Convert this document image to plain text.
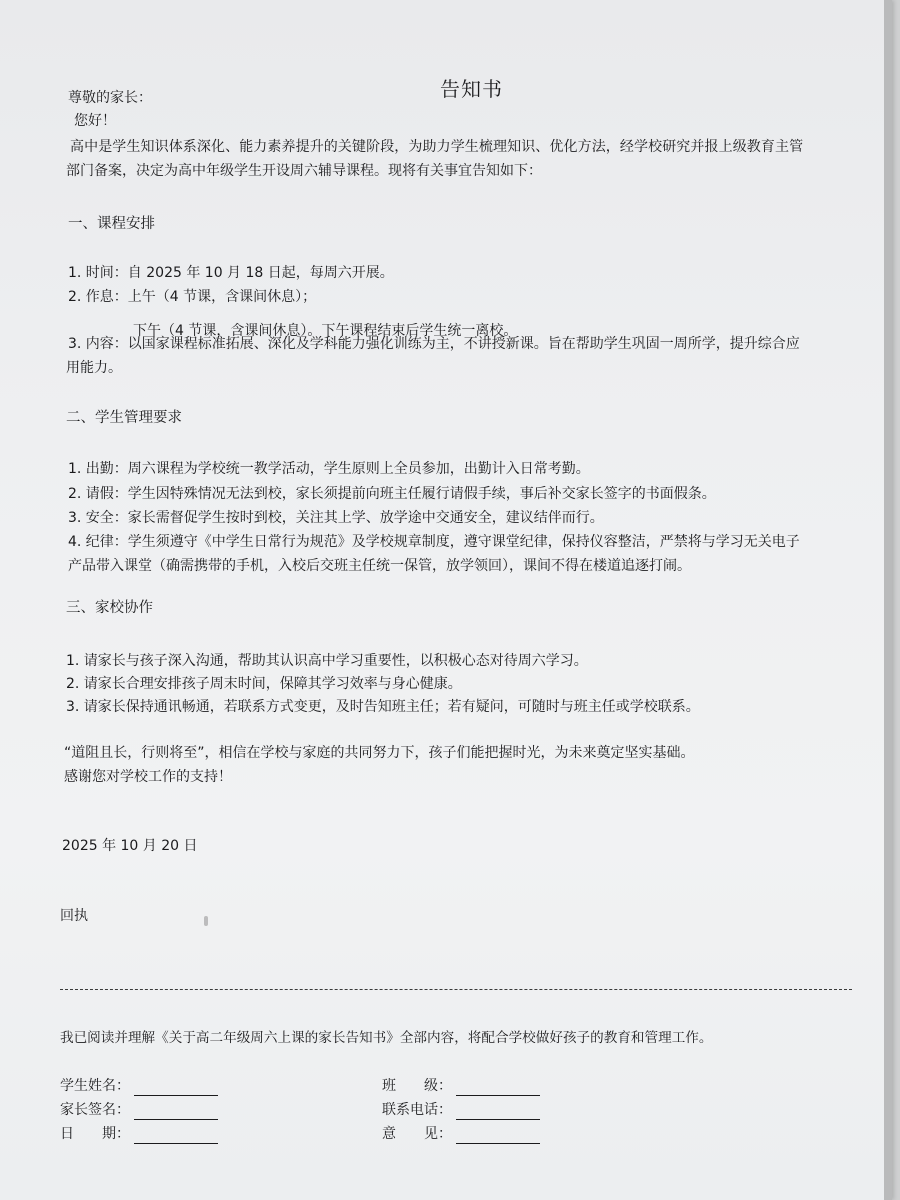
告知书
尊敬的家长：
您好！
高中是学生知识体系深化、能力素养提升的关键阶段，为助力学生梳理知识、优化方法，经学校研究并报上级教育主管
部门备案，决定为高中年级学生开设周六辅导课程。现将有关事宜告知如下：
一、课程安排
1. 时间：自 2025 年 10 月 18 日起，每周六开展。
2. 作息：上午（4 节课，含课间休息）；
下午（4 节课，含课间休息）。下午课程结束后学生统一离校。
3. 内容：以国家课程标准拓展、深化及学科能力强化训练为主，不讲授新课。旨在帮助学生巩固一周所学，提升综合应
用能力。
二、学生管理要求
1. 出勤：周六课程为学校统一教学活动，学生原则上全员参加，出勤计入日常考勤。
2. 请假：学生因特殊情况无法到校，家长须提前向班主任履行请假手续，事后补交家长签字的书面假条。
3. 安全：家长需督促学生按时到校，关注其上学、放学途中交通安全，建议结伴而行。
4. 纪律：学生须遵守《中学生日常行为规范》及学校规章制度，遵守课堂纪律，保持仪容整洁，严禁将与学习无关电子
产品带入课堂（确需携带的手机，入校后交班主任统一保管，放学领回），课间不得在楼道追逐打闹。
三、家校协作
1. 请家长与孩子深入沟通，帮助其认识高中学习重要性，以积极心态对待周六学习。
2. 请家长合理安排孩子周末时间，保障其学习效率与身心健康。
3. 请家长保持通讯畅通，若联系方式变更，及时告知班主任；若有疑问，可随时与班主任或学校联系。
“道阻且长，行则将至”，相信在学校与家庭的共同努力下，孩子们能把握时光，为未来奠定坚实基础。
感谢您对学校工作的支持！
2025 年 10 月 20 日
回执
我已阅读并理解《关于高二年级周六上课的家长告知书》全部内容，将配合学校做好孩子的教育和管理工作。
学生姓名：
家长签名：
日　　期：
班　　级：
联系电话：
意　　见：
